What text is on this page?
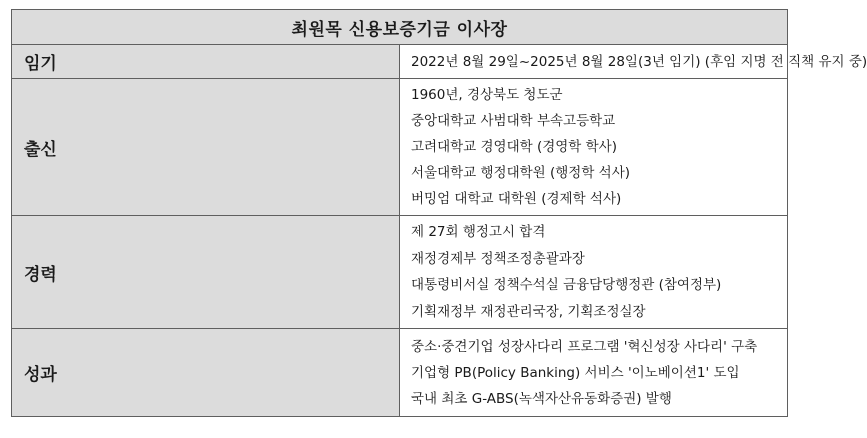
최원목 신용보증기금 이사장	
임기	2022년 8월 29일~2025년 8월 28일(3년 임기) (후임 지명 전 직책 유지 중)

출신	1960년, 경상북도 청도군
중앙대학교 사범대학 부속고등학교
고려대학교 경영대학 (경영학 학사)
서울대학교 행정대학원 (행정학 석사)
버밍엄 대학교 대학원 (경제학 석사)

경력	제 27회 행정고시 합격
재정경제부 정책조정총괄과장
대통령비서실 정책수석실 금융담당행정관 (참여정부)
기획재정부 재정관리국장, 기획조정실장

성과	중소·중견기업 성장사다리 프로그램 '혁신성장 사다리' 구축
기업형 PB(Policy Banking) 서비스 '이노베이션1' 도입
국내 최초 G-ABS(녹색자산유동화증권) 발행
